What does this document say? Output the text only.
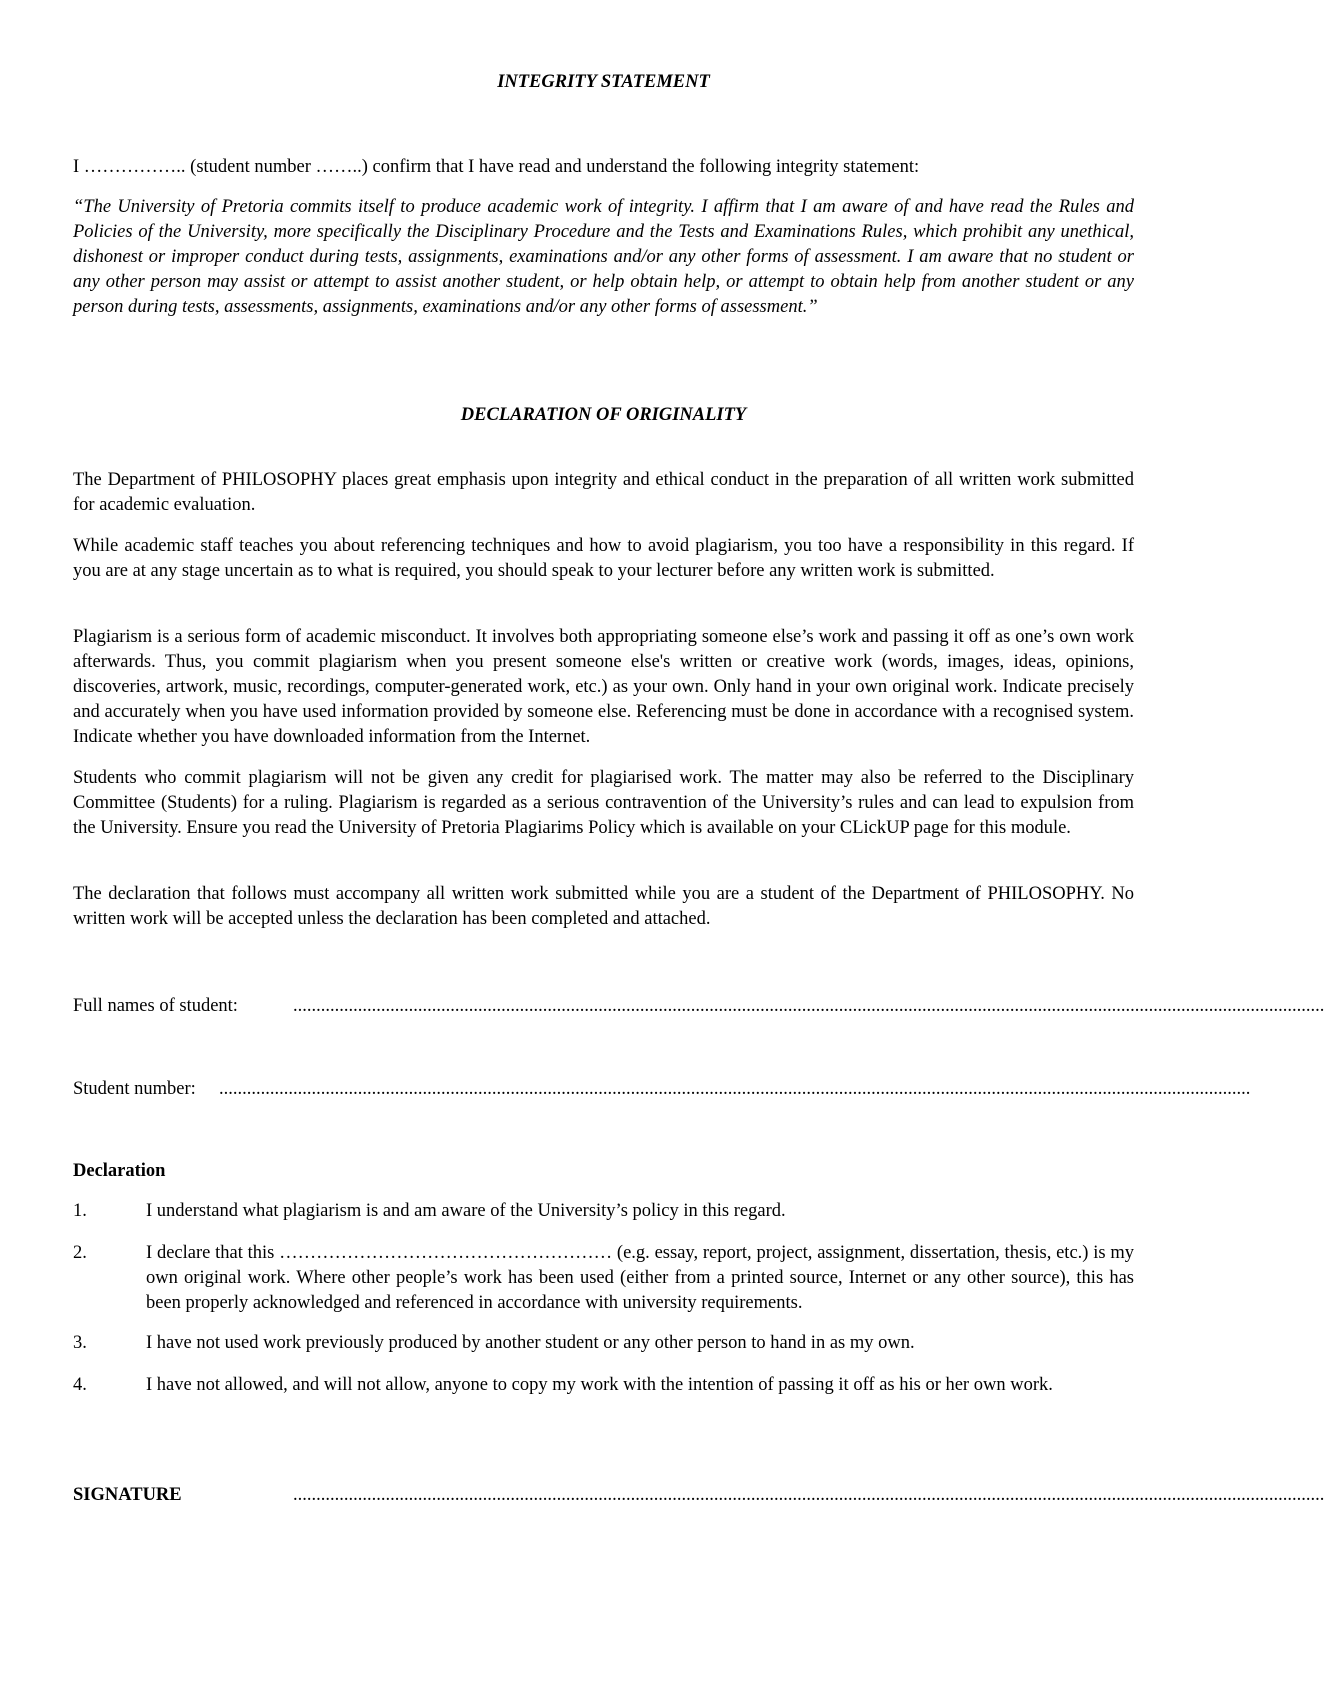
INTEGRITY STATEMENT

I …………….. (student number ……..) confirm that I have read and understand the following integrity statement:

“The University of Pretoria commits itself to produce academic work of integrity. I affirm that I am aware of and have read the Rules and Policies of the University, more specifically the Disciplinary Procedure and the Tests and Examinations Rules, which prohibit any unethical, dishonest or improper conduct during tests, assignments, examinations and/or any other forms of assessment. I am aware that no student or any other person may assist or attempt to assist another student, or help obtain help, or attempt to obtain help from another student or any person during tests, assessments, assignments, examinations and/or any other forms of assessment.”

DECLARATION OF ORIGINALITY

The Department of PHILOSOPHY places great emphasis upon integrity and ethical conduct in the preparation of all written work submitted for academic evaluation.

While academic staff teaches you about referencing techniques and how to avoid plagiarism, you too have a responsibility in this regard. If you are at any stage uncertain as to what is required, you should speak to your lecturer before any written work is submitted.

Plagiarism is a serious form of academic misconduct. It involves both appropriating someone else’s work and passing it off as one’s own work afterwards. Thus, you commit plagiarism when you present someone else's written or creative work (words, images, ideas, opinions, discoveries, artwork, music, recordings, computer-generated work, etc.) as your own. Only hand in your own original work. Indicate precisely and accurately when you have used information provided by someone else. Referencing must be done in accordance with a recognised system. Indicate whether you have downloaded information from the Internet.

Students who commit plagiarism will not be given any credit for plagiarised work. The matter may also be referred to the Disciplinary Committee (Students) for a ruling. Plagiarism is regarded as a serious contravention of the University’s rules and can lead to expulsion from the University. Ensure you read the University of Pretoria Plagiarims Policy which is available on your CLickUP page for this module.

The declaration that follows must accompany all written work submitted while you are a student of the Department of PHILOSOPHY. No written work will be accepted unless the declaration has been completed and attached.

Full names of student:	...............................................................................................................................................................................................................................
Student number: ...............................................................................................................................................................................................................................
Declaration
1.	I understand what plagiarism is and am aware of the University’s policy in this regard.
2.	I declare that this ……………………………………………… (e.g. essay, report, project, assignment, dissertation, thesis, etc.) is my own original work. Where other people’s work has been used (either from a printed source, Internet or any other source), this has been properly acknowledged and referenced in accordance with university requirements.
3.	I have not used work previously produced by another student or any other person to hand in as my own.
4.	I have not allowed, and will not allow, anyone to copy my work with the intention of passing it off as his or her own work.
SIGNATURE	...............................................................................................................................................................................................................................
